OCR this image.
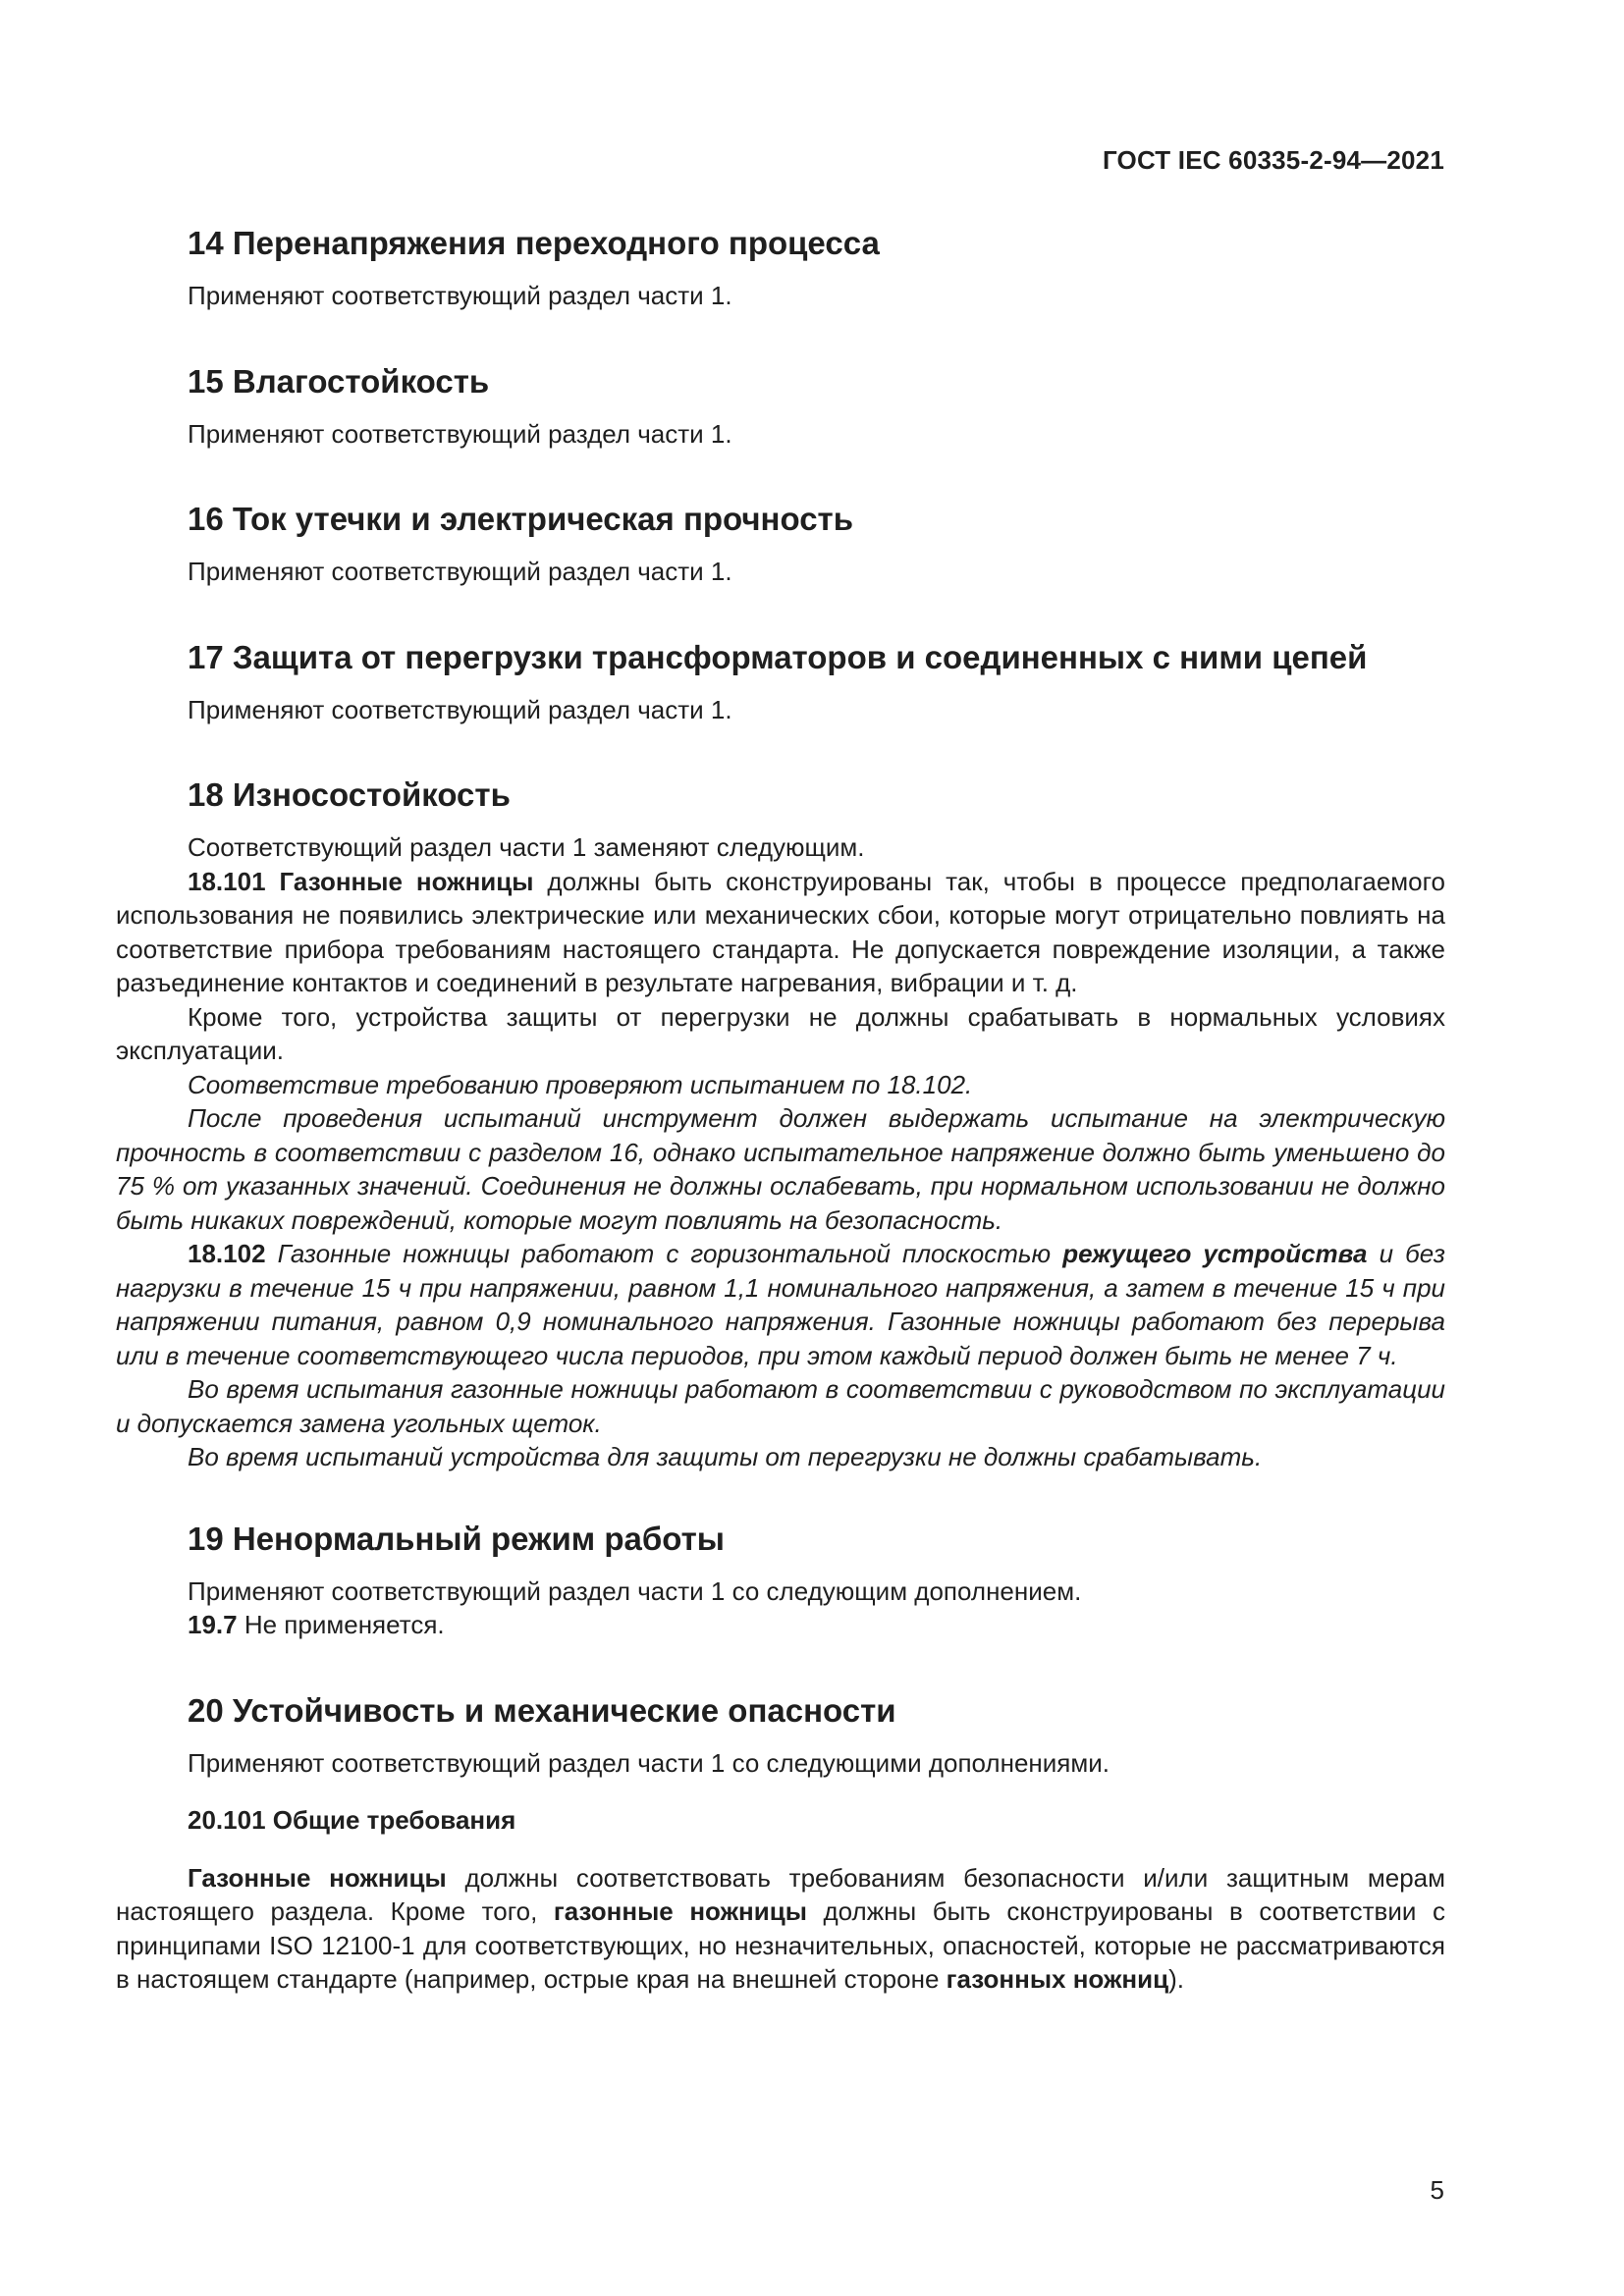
ГОСТ IEC 60335-2-94—2021
14 Перенапряжения переходного процесса

Применяют соответствующий раздел части 1.

15 Влагостойкость

Применяют соответствующий раздел части 1.

16 Ток утечки и электрическая прочность

Применяют соответствующий раздел части 1.

17 Защита от перегрузки трансформаторов и соединенных с ними цепей

Применяют соответствующий раздел части 1.

18 Износостойкость

Соответствующий раздел части 1 заменяют следующим.

18.101 Газонные ножницы должны быть сконструированы так, чтобы в процессе предполагаемого использования не появились электрические или механических сбои, которые могут отрицательно повлиять на соответствие прибора требованиям настоящего стандарта. Не допускается повреждение изоляции, а также разъединение контактов и соединений в результате нагревания, вибрации и т. д.

Кроме того, устройства защиты от перегрузки не должны срабатывать в нормальных условиях эксплуатации.

Соответствие требованию проверяют испытанием по 18.102.

После проведения испытаний инструмент должен выдержать испытание на электрическую прочность в соответствии с разделом 16, однако испытательное напряжение должно быть уменьшено до 75 % от указанных значений. Соединения не должны ослабевать, при нормальном использовании не должно быть никаких повреждений, которые могут повлиять на безопасность.

18.102 Газонные ножницы работают с горизонтальной плоскостью режущего устройства и без нагрузки в течение 15 ч при напряжении, равном 1,1 номинального напряжения, а затем в течение 15 ч при напряжении питания, равном 0,9 номинального напряжения. Газонные ножницы работают без перерыва или в течение соответствующего числа периодов, при этом каждый период должен быть не менее 7 ч.

Во время испытания газонные ножницы работают в соответствии с руководством по эксплуатации и допускается замена угольных щеток.

Во время испытаний устройства для защиты от перегрузки не должны срабатывать.

19 Ненормальный режим работы

Применяют соответствующий раздел части 1 со следующим дополнением.

19.7 Не применяется.

20 Устойчивость и механические опасности

Применяют соответствующий раздел части 1 со следующими дополнениями.

20.101 Общие требования

Газонные ножницы должны соответствовать требованиям безопасности и/или защитным мерам настоящего раздела. Кроме того, газонные ножницы должны быть сконструированы в соответствии с принципами ISO 12100-1 для соответствующих, но незначительных, опасностей, которые не рассматриваются в настоящем стандарте (например, острые края на внешней стороне газонных ножниц).

5
